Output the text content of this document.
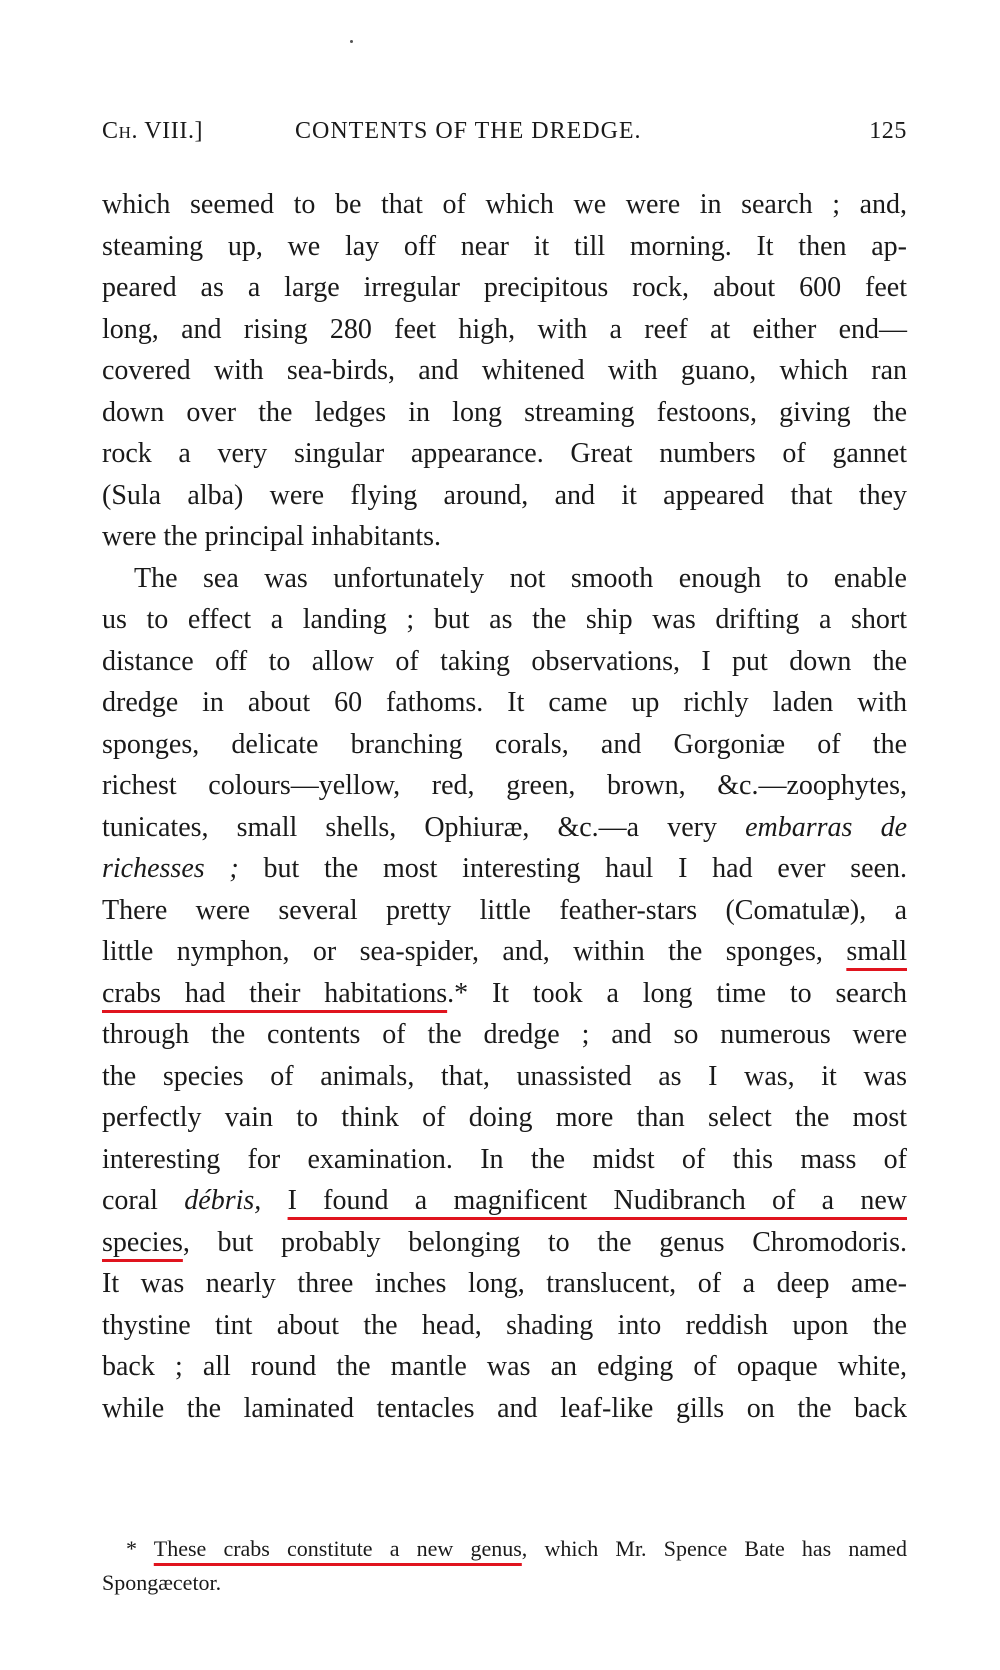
Ch. VIII.]	CONTENTS OF THE DREDGE.	125
which seemed to be that of which we were in search ; and,
steaming up, we lay off near it till morning. It then ap-
peared as a large irregular precipitous rock, about 600 feet
long, and rising 280 feet high, with a reef at either end—
covered with sea-birds, and whitened with guano, which ran
down over the ledges in long streaming festoons, giving the
rock a very singular appearance. Great numbers of gannet
(Sula alba) were flying around, and it appeared that they
were the principal inhabitants.
The sea was unfortunately not smooth enough to enable
us to effect a landing ; but as the ship was drifting a short
distance off to allow of taking observations, I put down the
dredge in about 60 fathoms. It came up richly laden with
sponges, delicate branching corals, and Gorgoniæ of the
richest colours—yellow, red, green, brown, &c.—zoophytes,
tunicates, small shells, Ophiuræ, &c.—a very embarras de
richesses ; but the most interesting haul I had ever seen.
There were several pretty little feather-stars (Comatulæ), a
little nymphon, or sea-spider, and, within the sponges, small
crabs had their habitations.* It took a long time to search
through the contents of the dredge ; and so numerous were
the species of animals, that, unassisted as I was, it was
perfectly vain to think of doing more than select the most
interesting for examination. In the midst of this mass of
coral débris, I found a magnificent Nudibranch of a new
species, but probably belonging to the genus Chromodoris.
It was nearly three inches long, translucent, of a deep ame-
thystine tint about the head, shading into reddish upon the
back ; all round the mantle was an edging of opaque white,
while the laminated tentacles and leaf-like gills on the back
* These crabs constitute a new genus, which Mr. Spence Bate has named
Spongæcetor.
